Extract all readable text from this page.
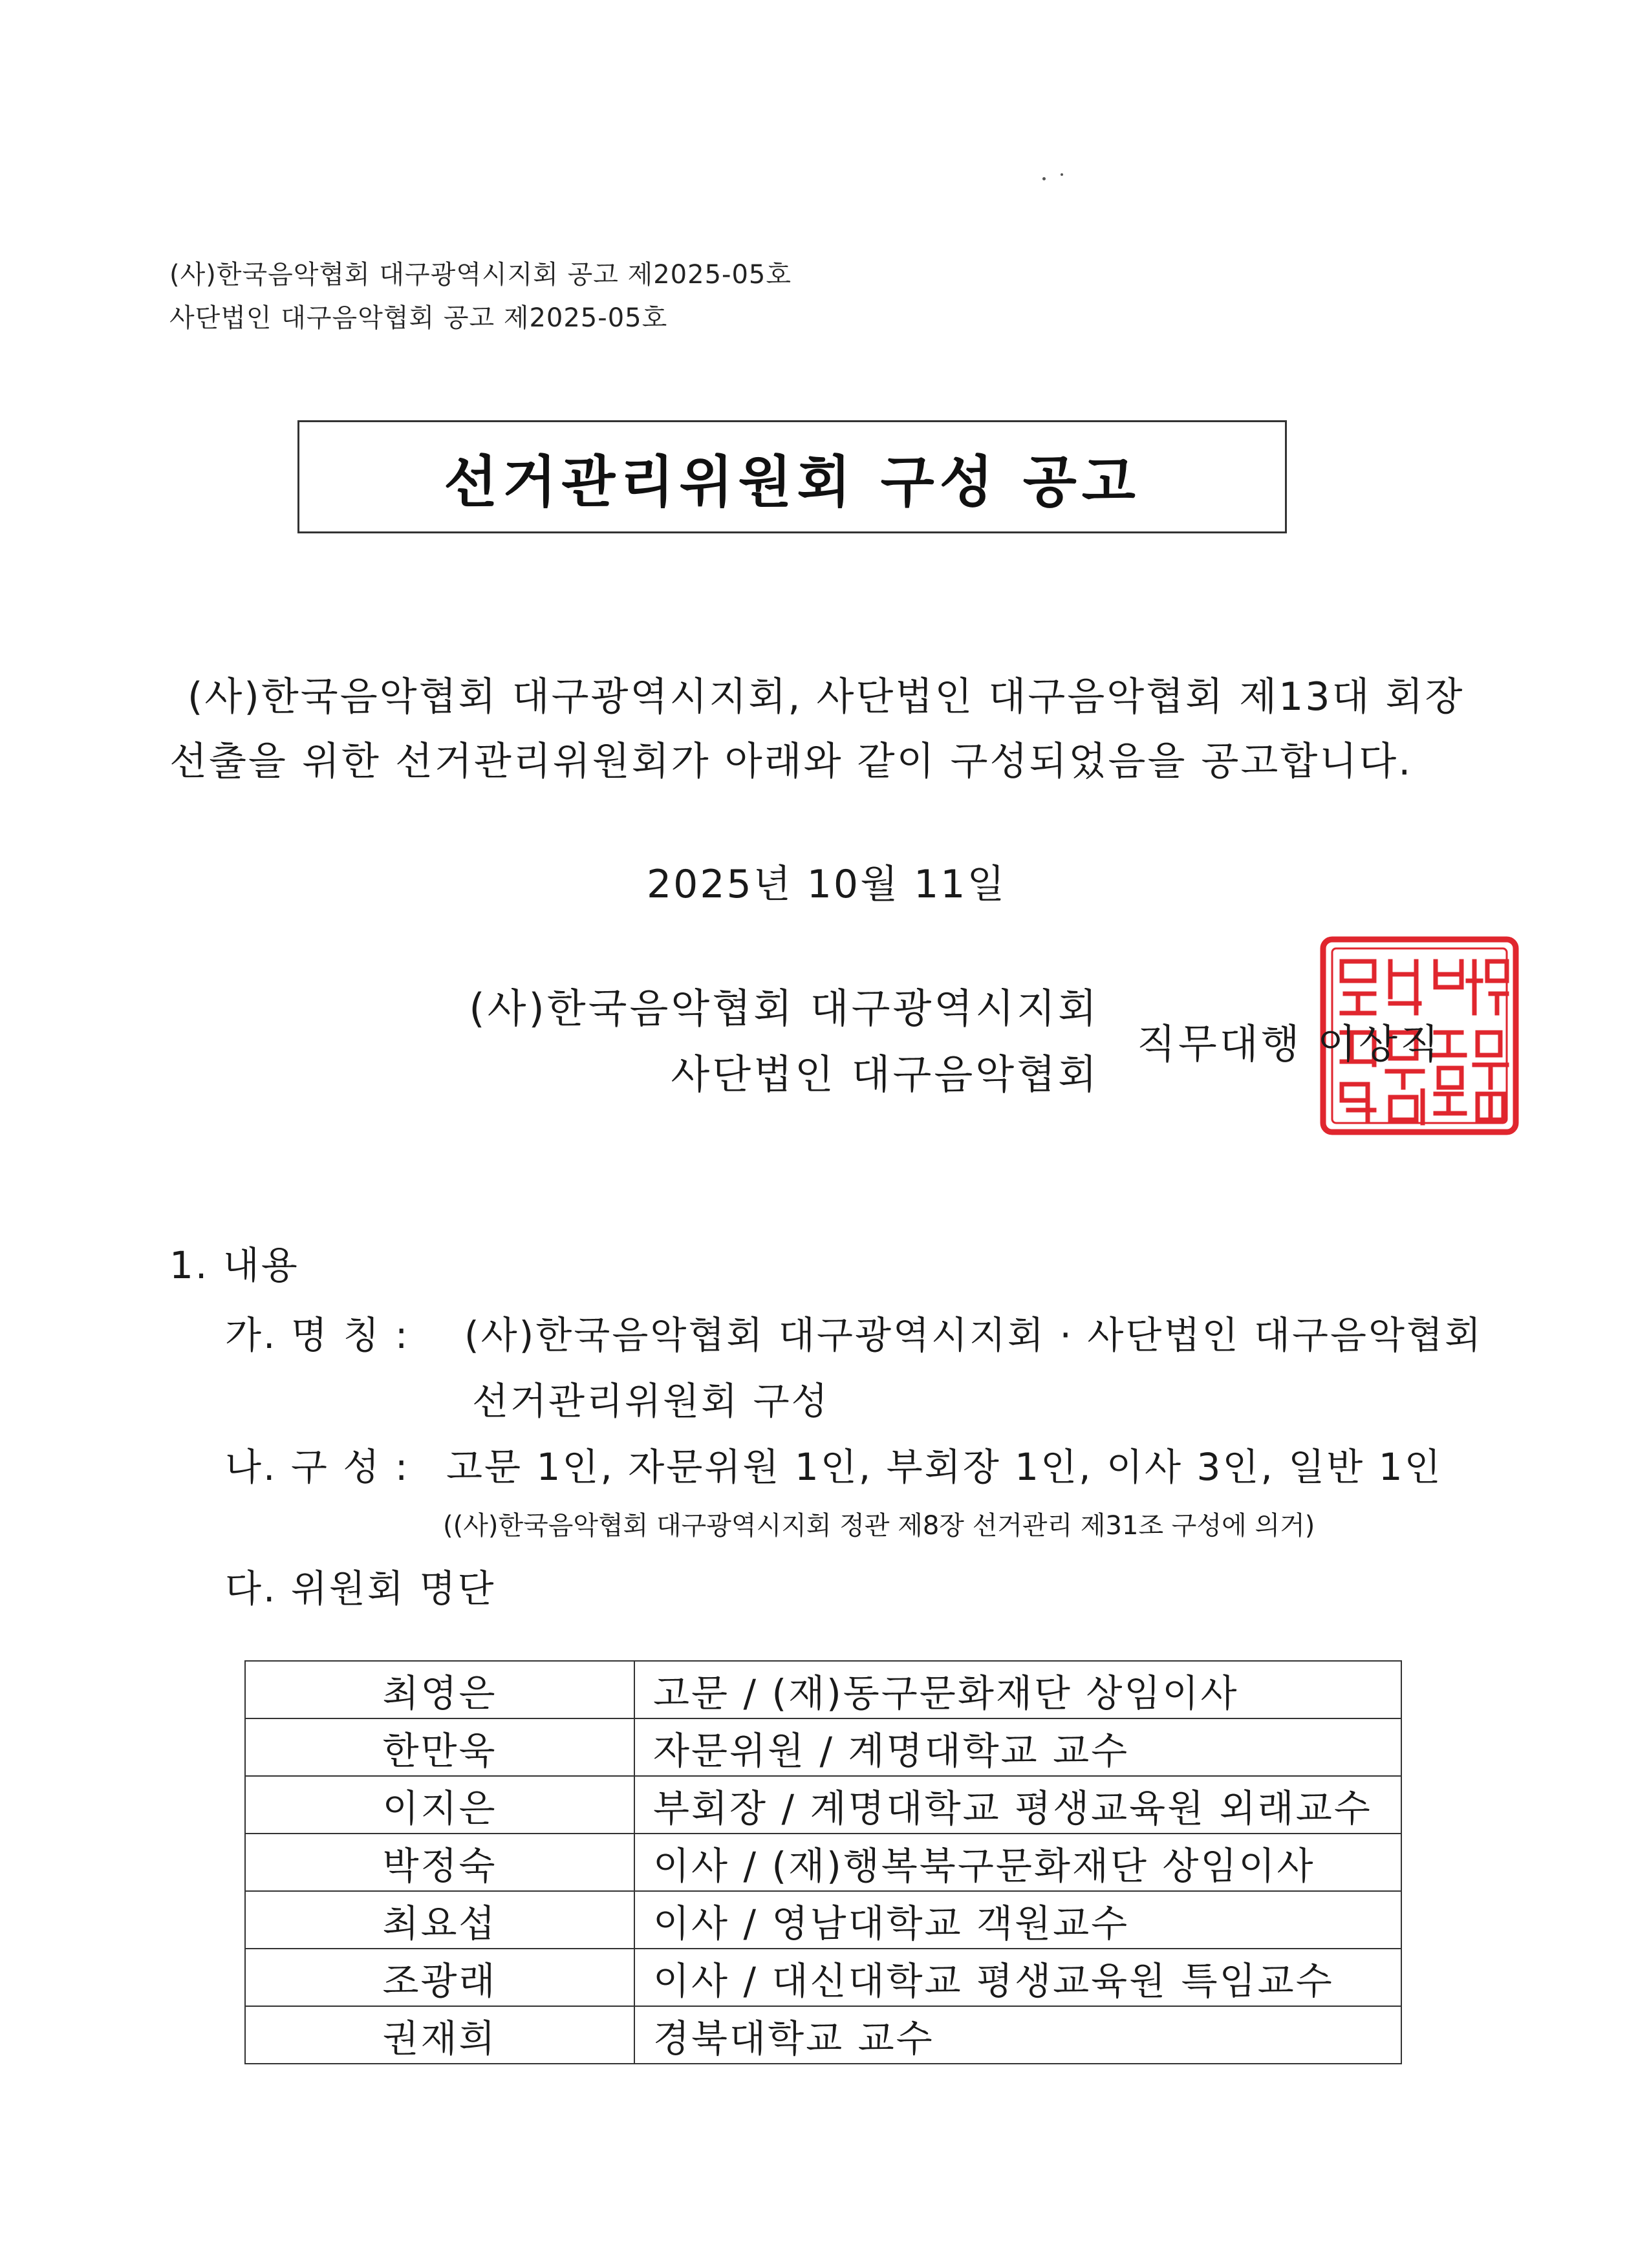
(사)한국음악협회 대구광역시지회 공고 제2025-05호
사단법인 대구음악협회 공고 제2025-05호
선거관리위원회 구성 공고
(사)한국음악협회 대구광역시지회, 사단법인 대구음악협회 제13대 회장
선출을 위한 선거관리위원회가 아래와 같이 구성되었음을 공고합니다.
2025년 10월 11일
(사)한국음악협회 대구광역시지회
사단법인 대구음악협회
직무대행 이상직
1. 내용
가. 명 칭 : (사)한국음악협회 대구광역시지회 · 사단법인 대구음악협회
선거관리위원회 구성
나. 구 성 : 고문 1인, 자문위원 1인, 부회장 1인, 이사 3인, 일반 1인
((사)한국음악협회 대구광역시지회 정관 제8장 선거관리 제31조 구성에 의거)
다. 위원회 명단
최영은	고문 / (재)동구문화재단 상임이사
한만욱	자문위원 / 계명대학교 교수
이지은	부회장 / 계명대학교 평생교육원 외래교수
박정숙	이사 / (재)행복북구문화재단 상임이사
최요섭	이사 / 영남대학교 객원교수
조광래	이사 / 대신대학교 평생교육원 특임교수
권재희	경북대학교 교수
